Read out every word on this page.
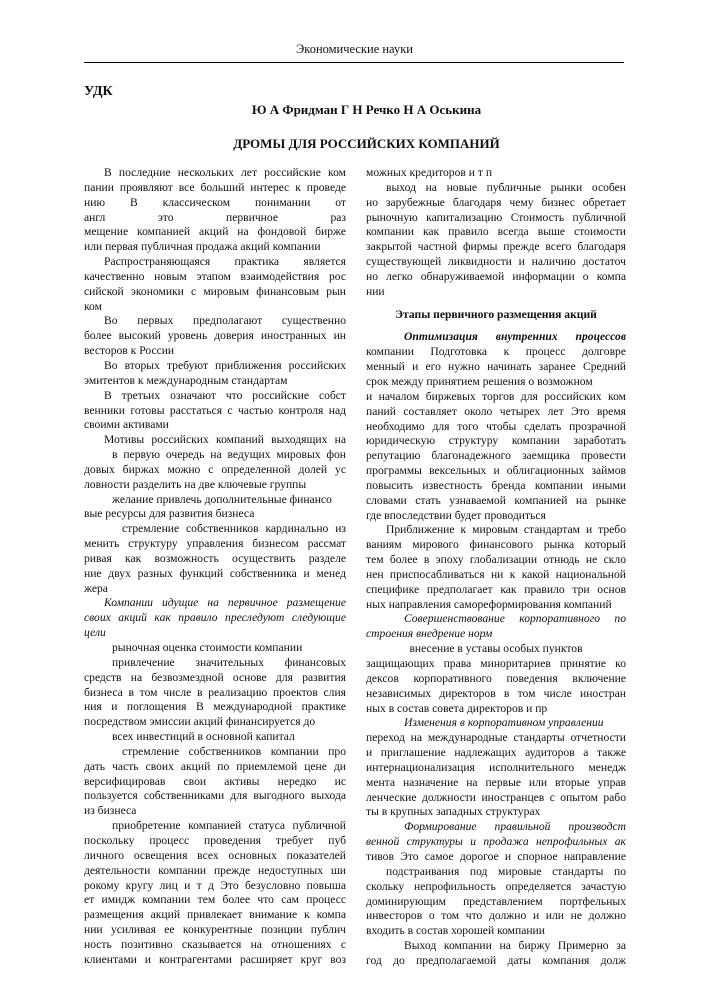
Экономические науки
УДК
Ю А Фридман Г Н Речко Н А Оськина
ДРОМЫ ДЛЯ РОССИЙСКИХ КОМПАНИЙ
В последние нескольких лет российские ком
пании проявляют все больший интерес к проведе
нию В классическом понимании от
англ это первичное раз
мещение компанией акций на фондовой бирже
или первая публичная продажа акций компании
Распространяющаяся практика является
качественно новым этапом взаимодействия рос
сийской экономики с мировым финансовым рын
ком
Во первых предполагают существенно
более высокий уровень доверия иностранных ин
весторов к России
Во вторых требуют приближения российских
эмитентов к международным стандартам
В третьих означают что российские собст
венники готовы расстаться с частью контроля над
своими активами
Мотивы российских компаний выходящих на
в первую очередь на ведущих мировых фон
довых биржах можно с определенной долей ус
ловности разделить на две ключевые группы
желание привлечь дополнительные финансо
вые ресурсы для развития бизнеса
стремление собственников кардинально из
менить структуру управления бизнесом рассмат
ривая как возможность осуществить разделе
ние двух разных функций собственника и менед
жера
Компании идущие на первичное размещение
своих акций как правило преследуют следующие
цели
рыночная оценка стоимости компании
привлечение значительных финансовых
средств на безвозмездной основе для развития
бизнеса в том числе в реализацию проектов слия
ния и поглощения В международной практике
посредством эмиссии акций финансируется до
всех инвестиций в основной капитал
стремление собственников компании про
дать часть своих акций по приемлемой цене ди
версифицировав свои активы нередко ис
пользуется собственниками для выгодного выхода
из бизнеса
приобретение компанией статуса публичной
поскольку процесс проведения требует пуб
личного освещения всех основных показателей
деятельности компании прежде недоступных ши
рокому кругу лиц и т д Это безусловно повыша
ет имидж компании тем более что сам процесс
размещения акций привлекает внимание к компа
нии усиливая ее конкурентные позиции публич
ность позитивно сказывается на отношениях с
клиентами и контрагентами расширяет круг воз
можных кредиторов и т п
выход на новые публичные рынки особен
но зарубежные благодаря чему бизнес обретает
рыночную капитализацию Стоимость публичной
компании как правило всегда выше стоимости
закрытой частной фирмы прежде всего благодаря
существующей ликвидности и наличию достаточ
но легко обнаруживаемой информации о компа
нии
Этапы первичного размещения акций
Оптимизация внутренних процессов
компании Подготовка к процесс долговре
менный и его нужно начинать заранее Средний
срок между принятием решения о возможном
и началом биржевых торгов для российских ком
паний составляет около четырех лет Это время
необходимо для того чтобы сделать прозрачной
юридическую структуру компании заработать
репутацию благонадежного заемщика провести
программы вексельных и облигационных займов
повысить известность бренда компании иными
словами стать узнаваемой компанией на рынке
где впоследствии будет проводиться
Приближение к мировым стандартам и требо
ваниям мирового финансового рынка который
тем более в эпоху глобализации отнюдь не скло
нен приспосабливаться ни к какой национальной
специфике предполагает как правило три основ
ных направления самореформирования компаний
Совершенствование корпоративного по
строения внедрение норм
внесение в уставы особых пунктов
защищающих права миноритариев принятие ко
дексов корпоративного поведения включение
независимых директоров в том числе иностран
ных в состав совета директоров и пр
Изменения в корпоративном управлении
переход на международные стандарты отчетности
и приглашение надлежащих аудиторов а также
интернационализация исполнительного менедж
мента назначение на первые или вторые управ
ленческие должности иностранцев с опытом рабо
ты в крупных западных структурах
Формирование правильной производст
венной структуры и продажа непрофильных ак
тивов Это самое дорогое и спорное направление
подстраивания под мировые стандарты по
скольку непрофильность определяется зачастую
доминирующим представлением портфельных
инвесторов о том что должно и или не должно
входить в состав хорошей компании
Выход компании на биржу Примерно за
год до предполагаемой даты компания долж
